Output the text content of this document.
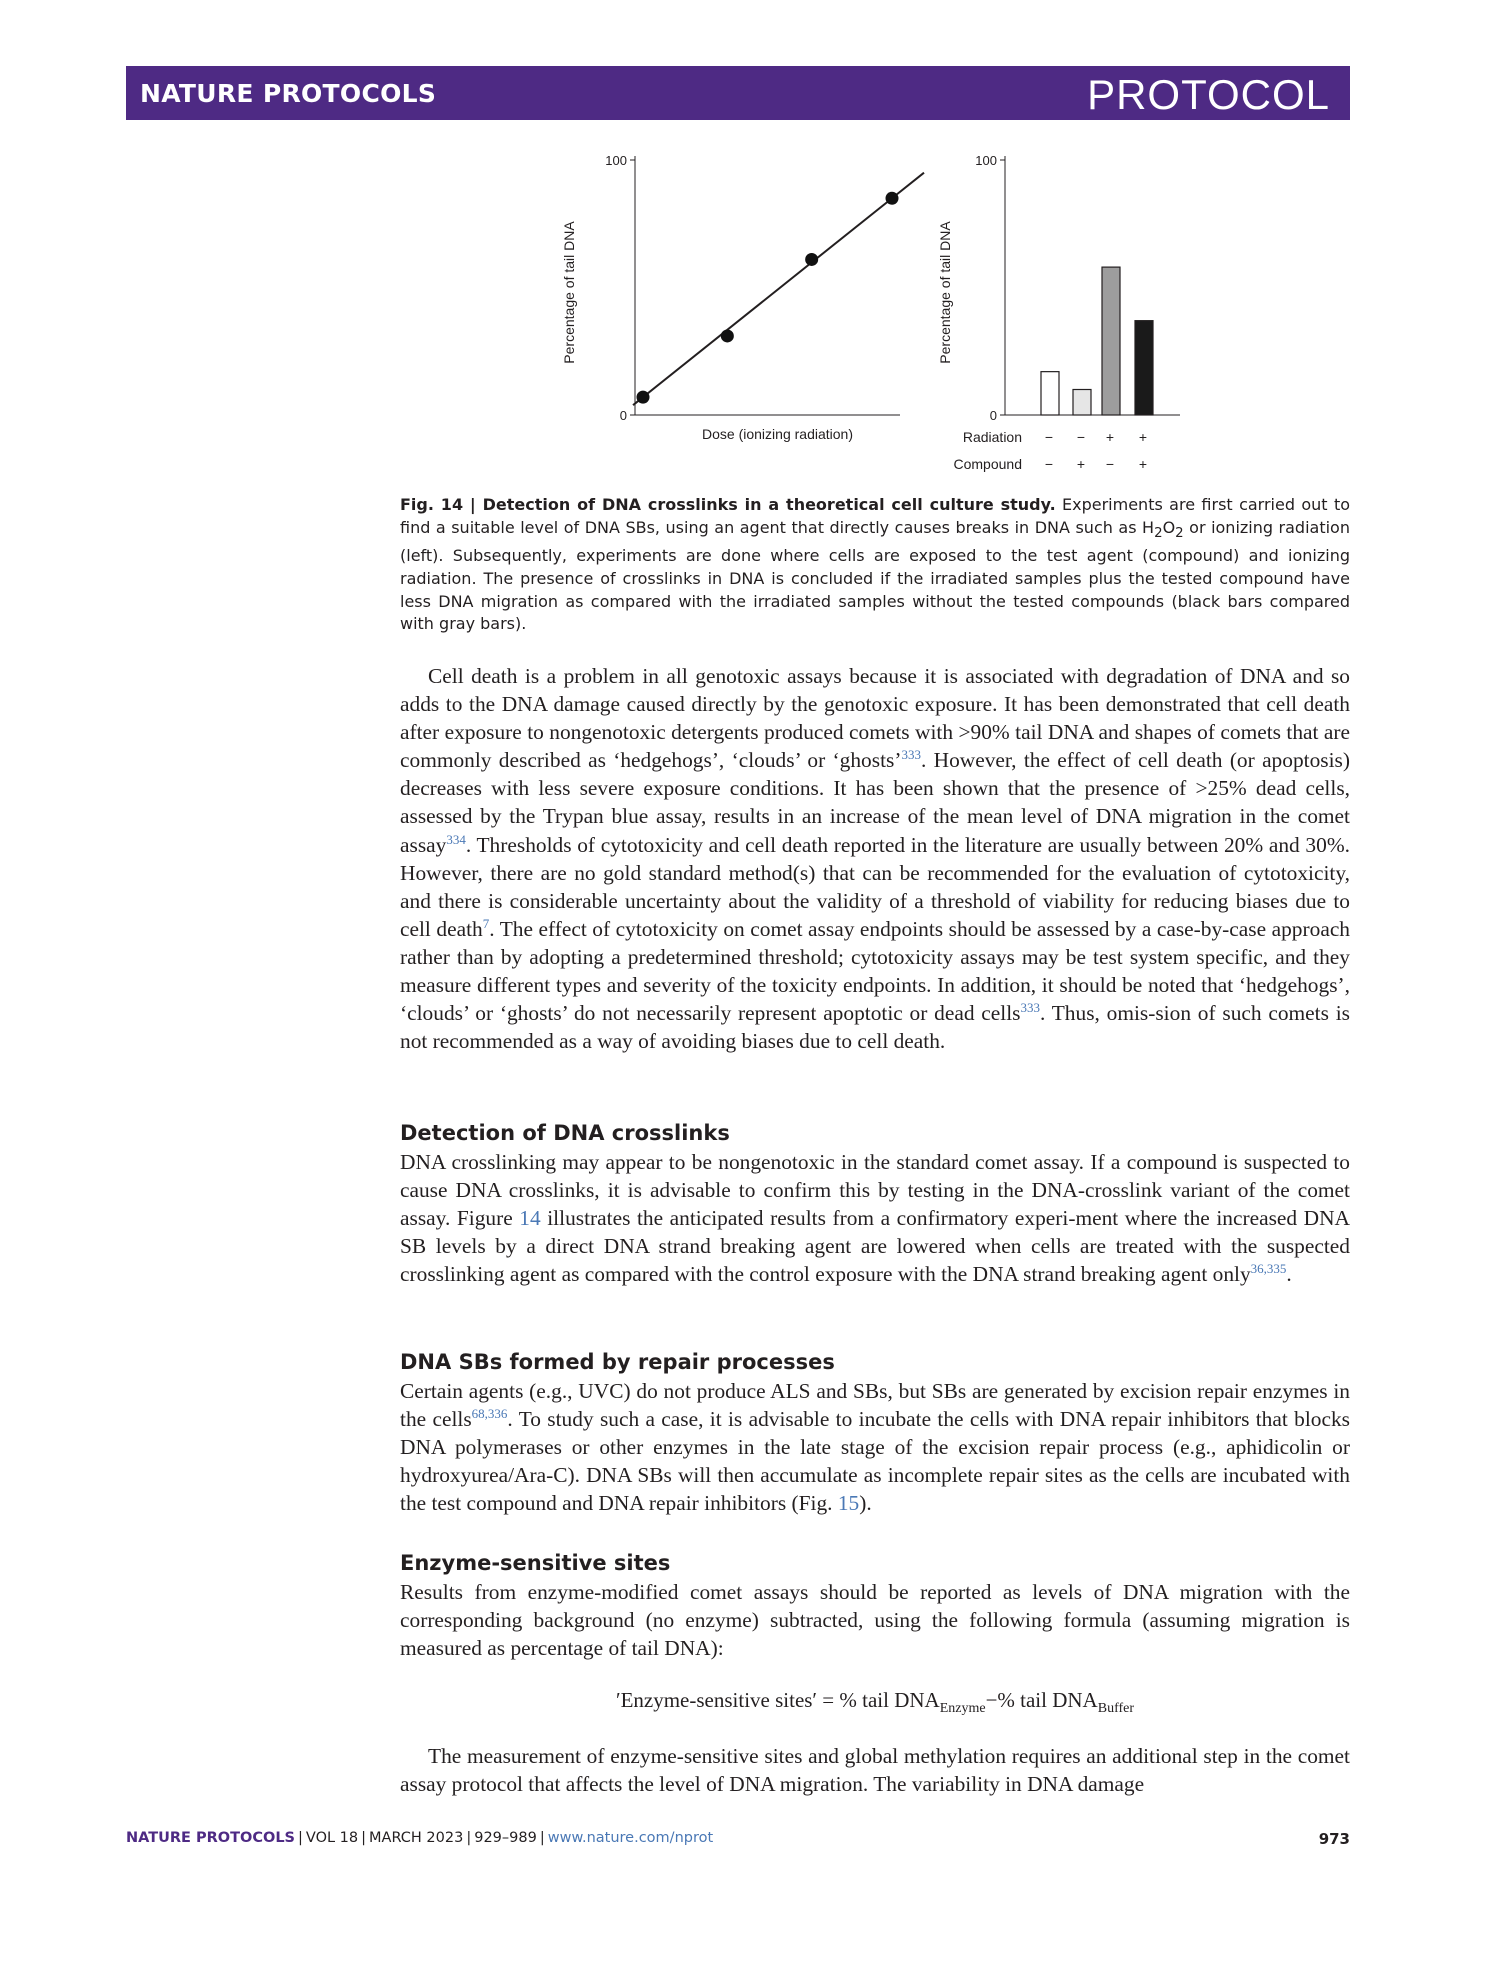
NATURE PROTOCOLS	PROTOCOL
100
0
Percentage of tail DNA
Dose (ionizing radiation)
100
0
Percentage of tail DNA
Radiation − − + +
Compound − + − +
Fig. 14 | Detection of DNA crosslinks in a theoretical cell culture study. Experiments are first carried out to find a suitable level of DNA SBs, using an agent that directly causes breaks in DNA such as $H_2O_2$ or ionizing radiation (left). Subsequently, experiments are done where cells are exposed to the test agent (compound) and ionizing radiation. The presence of crosslinks in DNA is concluded if the irradiated samples plus the tested compound have less DNA migration as compared with the irradiated samples without the tested compounds (black bars compared with gray bars).

Cell death is a problem in all genotoxic assays because it is associated with degradation of DNA and so adds to the DNA damage caused directly by the genotoxic exposure. It has been demonstrated that cell death after exposure to nongenotoxic detergents produced comets with >90% tail DNA and shapes of comets that are commonly described as ‘hedgehogs’, ‘clouds’ or ‘ghosts’$^{333}$. However, the effect of cell death (or apoptosis) decreases with less severe exposure conditions. It has been shown that the presence of >25% dead cells, assessed by the Trypan blue assay, results in an increase of the mean level of DNA migration in the comet assay$^{334}$. Thresholds of cytotoxicity and cell death reported in the literature are usually between 20% and 30%. However, there are no gold standard method(s) that can be recommended for the evaluation of cytotoxicity, and there is considerable uncertainty about the validity of a threshold of viability for reducing biases due to cell death$^7$. The effect of cytotoxicity on comet assay endpoints should be assessed by a case-by-case approach rather than by adopting a predetermined threshold; cytotoxicity assays may be test system specific, and they measure different types and severity of the toxicity endpoints. In addition, it should be noted that ‘hedgehogs’, ‘clouds’ or ‘ghosts’ do not necessarily represent apoptotic or dead cells$^{333}$. Thus, omis-sion of such comets is not recommended as a way of avoiding biases due to cell death.

Detection of DNA crosslinks

DNA crosslinking may appear to be nongenotoxic in the standard comet assay. If a compound is suspected to cause DNA crosslinks, it is advisable to confirm this by testing in the DNA-crosslink variant of the comet assay. Figure 14 illustrates the anticipated results from a confirmatory experi-ment where the increased DNA SB levels by a direct DNA strand breaking agent are lowered when cells are treated with the suspected crosslinking agent as compared with the control exposure with the DNA strand breaking agent only$^{36,335}$.

DNA SBs formed by repair processes

Certain agents (e.g., UVC) do not produce ALS and SBs, but SBs are generated by excision repair enzymes in the cells$^{68,336}$. To study such a case, it is advisable to incubate the cells with DNA repair inhibitors that blocks DNA polymerases or other enzymes in the late stage of the excision repair process (e.g., aphidicolin or hydroxyurea/Ara-C). DNA SBs will then accumulate as incomplete repair sites as the cells are incubated with the test compound and DNA repair inhibitors (Fig. 15).

Enzyme-sensitive sites

Results from enzyme-modified comet assays should be reported as levels of DNA migration with the corresponding background (no enzyme) subtracted, using the following formula (assuming migration is measured as percentage of tail DNA):

′Enzyme-sensitive sites′ = % tail $DNA_{Enzyme}-\%$ tail $DNA_{Buffer}$

The measurement of enzyme-sensitive sites and global methylation requires an additional step in the comet assay protocol that affects the level of DNA migration. The variability in DNA damage

NATURE PROTOCOLS | VOL 18 | MARCH 2023 | 929–989 | www.nature.com/nprot	973
